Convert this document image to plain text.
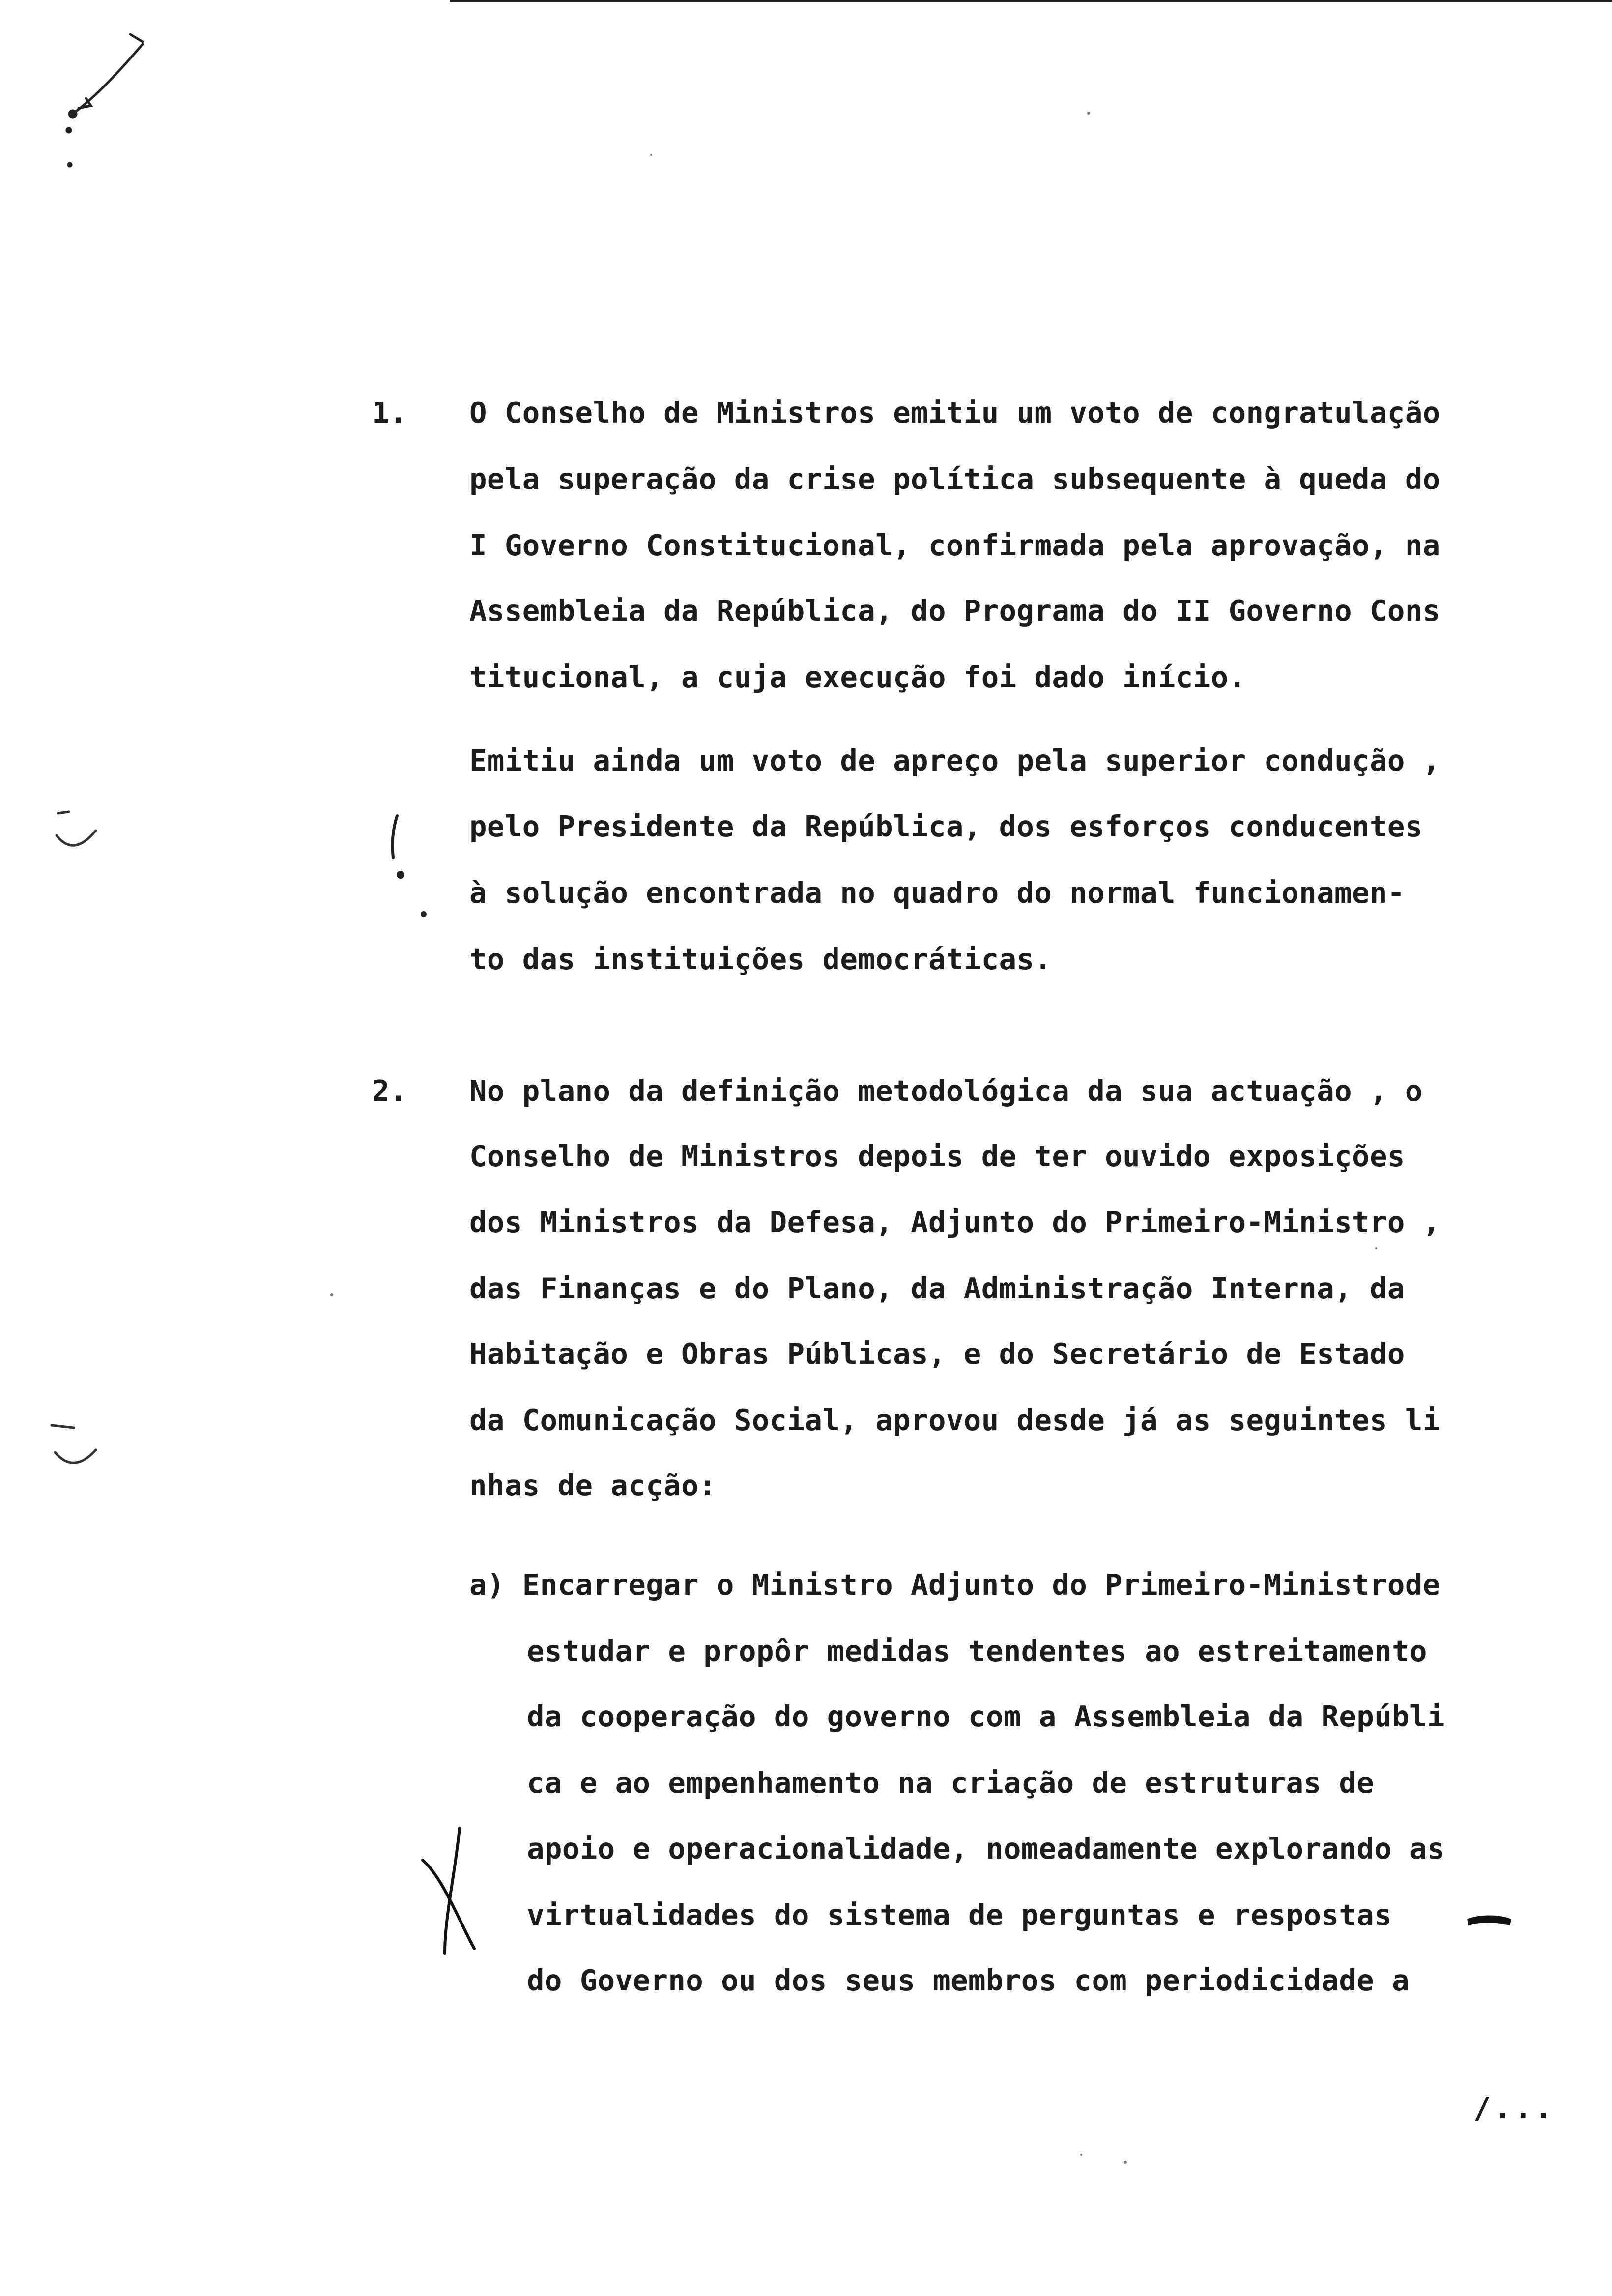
1. O Conselho de Ministros emitiu um voto de congratulação
pela superação da crise política subsequente à queda do
I Governo Constitucional, confirmada pela aprovação, na
Assembleia da República, do Programa do II Governo Cons
titucional, a cuja execução foi dado início.
Emitiu ainda um voto de apreço pela superior condução ,
pelo Presidente da República, dos esforços conducentes
à solução encontrada no quadro do normal funcionamen-
to das instituições democráticas.
2. No plano da definição metodológica da sua actuação , o
Conselho de Ministros depois de ter ouvido exposições
dos Ministros da Defesa, Adjunto do Primeiro-Ministro ,
das Finanças e do Plano, da Administração Interna, da
Habitação e Obras Públicas, e do Secretário de Estado
da Comunicação Social, aprovou desde já as seguintes li
nhas de acção:
a) Encarregar o Ministro Adjunto do Primeiro-Ministrode
estudar e propôr medidas tendentes ao estreitamento
da cooperação do governo com a Assembleia da Repúbli
ca e ao empenhamento na criação de estruturas de
apoio e operacionalidade, nomeadamente explorando as
virtualidades do sistema de perguntas e respostas
do Governo ou dos seus membros com periodicidade a
/...
